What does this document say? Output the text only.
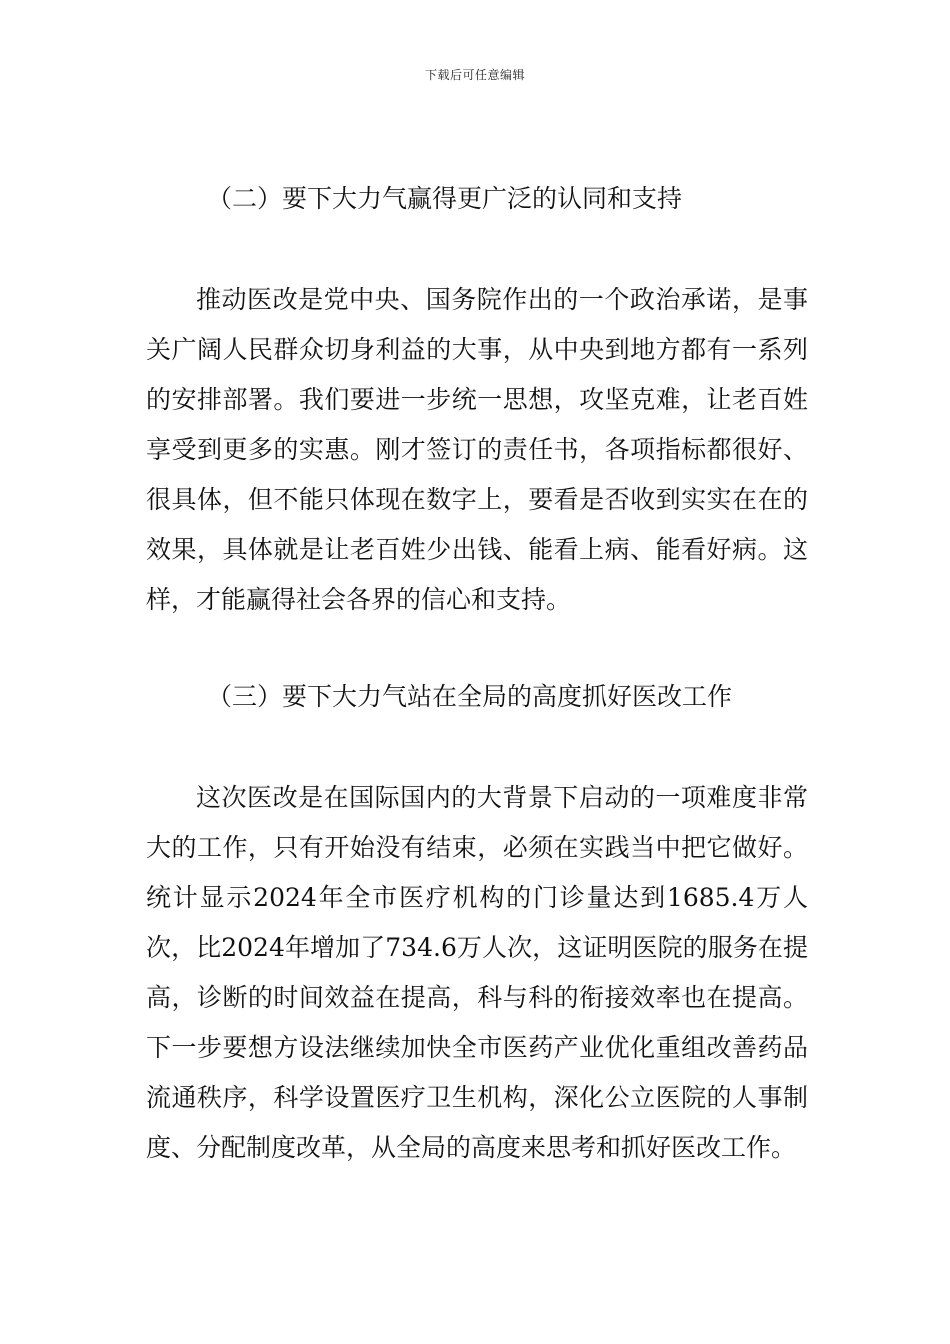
下载后可任意编辑
（二）要下大力气赢得更广泛的认同和支持
推动医改是党中央、国务院作出的一个政治承诺，是事关广阔人民群众切身利益的大事，从中央到地方都有一系列的安排部署。我们要进一步统一思想，攻坚克难，让老百姓享受到更多的实惠。刚才签订的责任书，各项指标都很好、很具体，但不能只体现在数字上，要看是否收到实实在在的效果，具体就是让老百姓少出钱、能看上病、能看好病。这样，才能赢得社会各界的信心和支持。
（三）要下大力气站在全局的高度抓好医改工作
这次医改是在国际国内的大背景下启动的一项难度非常大的工作，只有开始没有结束，必须在实践当中把它做好。统计显示2024年全市医疗机构的门诊量达到1685.4万人次，比2024年增加了734.6万人次，这证明医院的服务在提高，诊断的时间效益在提高，科与科的衔接效率也在提高。下一步要想方设法继续加快全市医药产业优化重组改善药品流通秩序，科学设置医疗卫生机构，深化公立医院的人事制度、分配制度改革，从全局的高度来思考和抓好医改工作。
